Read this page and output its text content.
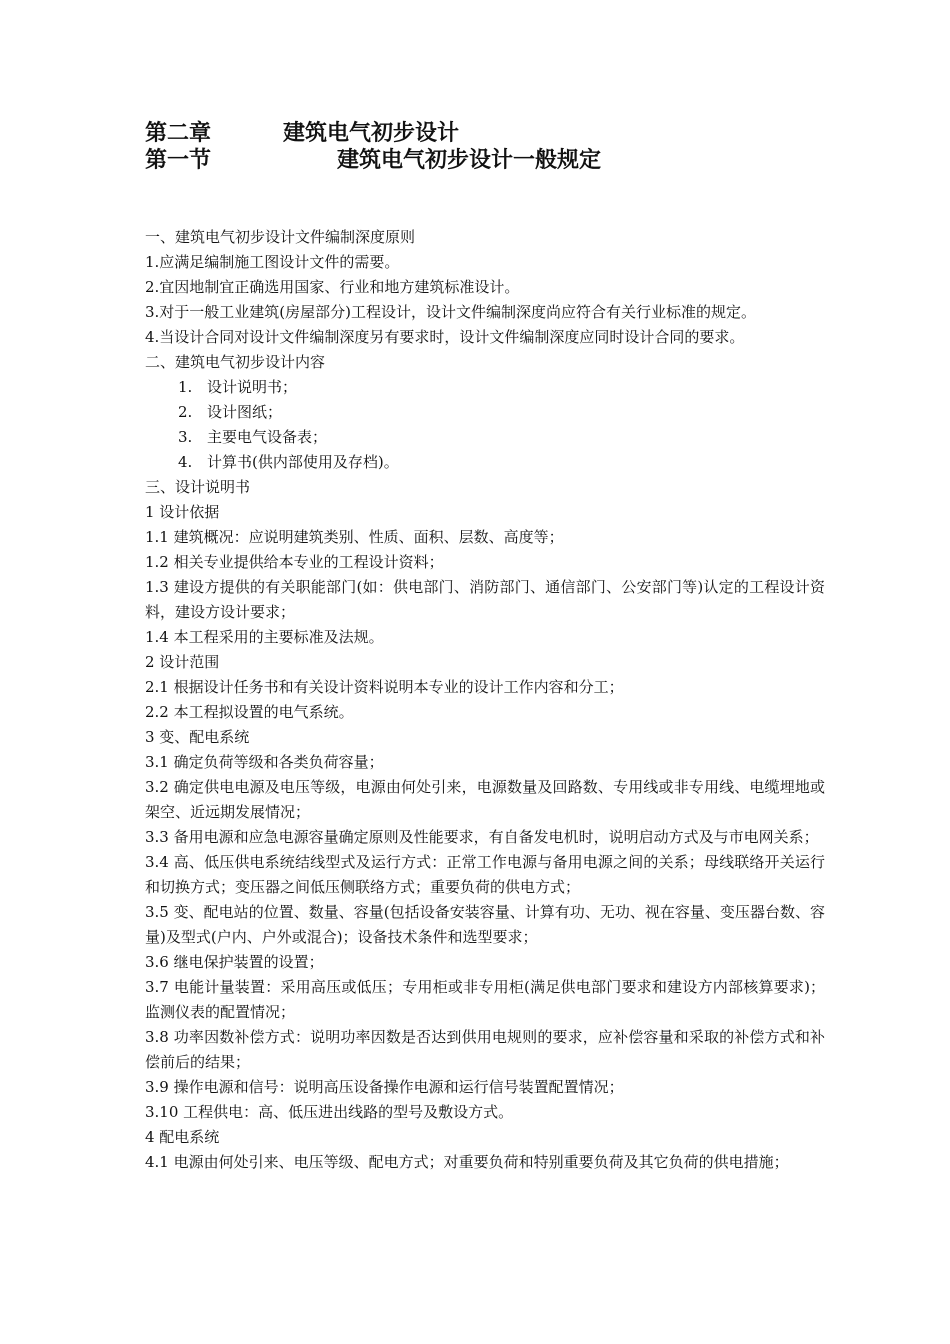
第二章	建筑电气初步设计
第一节	建筑电气初步设计一般规定
一、建筑电气初步设计文件编制深度原则
1.应满足编制施工图设计文件的需要。
2.宜因地制宜正确选用国家、行业和地方建筑标准设计。
3.对于一般工业建筑(房屋部分)工程设计，设计文件编制深度尚应符合有关行业标准的规定。
4.当设计合同对设计文件编制深度另有要求时，设计文件编制深度应同时设计合同的要求。
二、建筑电气初步设计内容
1. 设计说明书；
2. 设计图纸；
3. 主要电气设备表；
4. 计算书(供内部使用及存档)。
三、设计说明书
1 设计依据
1.1 建筑概况：应说明建筑类别、性质、面积、层数、高度等；
1.2 相关专业提供给本专业的工程设计资料；
1.3 建设方提供的有关职能部门(如：供电部门、消防部门、通信部门、公安部门等)认定的工程设计资料，建设方设计要求；
1.4 本工程采用的主要标准及法规。
2 设计范围
2.1 根据设计任务书和有关设计资料说明本专业的设计工作内容和分工；
2.2 本工程拟设置的电气系统。
3 变、配电系统
3.1 确定负荷等级和各类负荷容量；
3.2 确定供电电源及电压等级，电源由何处引来，电源数量及回路数、专用线或非专用线、电缆埋地或架空、近远期发展情况；
3.3 备用电源和应急电源容量确定原则及性能要求，有自备发电机时，说明启动方式及与市电网关系；
3.4 高、低压供电系统结线型式及运行方式：正常工作电源与备用电源之间的关系；母线联络开关运行和切换方式；变压器之间低压侧联络方式；重要负荷的供电方式；
3.5 变、配电站的位置、数量、容量(包括设备安装容量、计算有功、无功、视在容量、变压器台数、容量)及型式(户内、户外或混合)；设备技术条件和选型要求；
3.6 继电保护装置的设置；
3.7 电能计量装置：采用高压或低压；专用柜或非专用柜(满足供电部门要求和建设方内部核算要求)；监测仪表的配置情况；
3.8 功率因数补偿方式：说明功率因数是否达到供用电规则的要求，应补偿容量和采取的补偿方式和补偿前后的结果；
3.9 操作电源和信号：说明高压设备操作电源和运行信号装置配置情况；
3.10 工程供电：高、低压进出线路的型号及敷设方式。
4 配电系统
4.1 电源由何处引来、电压等级、配电方式；对重要负荷和特别重要负荷及其它负荷的供电措施；
